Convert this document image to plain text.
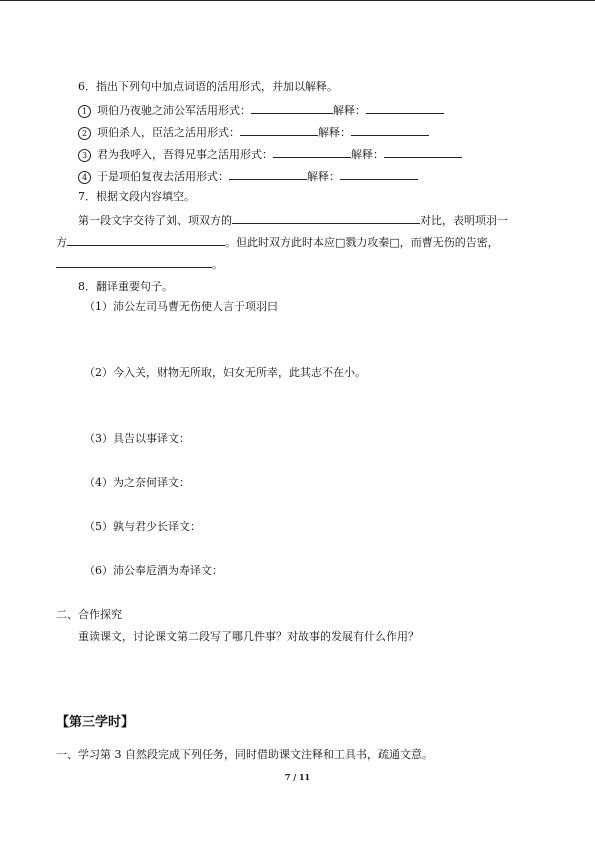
6．指出下列句中加点词语的活用形式，并加以解释。
1 项伯乃夜驰之沛公军活用形式：	解释：
2 项伯杀人，臣活之活用形式：	解释：
3 君为我呼入，吾得兄事之活用形式：	解释：
4 于是项伯复夜去活用形式：	解释：
7．根据文段内容填空。
第一段文字交待了刘、项双方的	对比，表明项羽一
方	。但此时双方此时本应□戮力攻秦□，而曹无伤的告密，
。
8．翻译重要句子。
（1）沛公左司马曹无伤使人言于项羽曰
（2）今入关，财物无所取，妇女无所幸，此其志不在小。
（3）具告以事译文：
（4）为之奈何译文：
（5）孰与君少长译文：
（6）沛公奉卮酒为寿译文：
二、合作探究
重读课文，讨论课文第二段写了哪几件事？对故事的发展有什么作用？
【第三学时】
一、学习第 3 自然段完成下列任务，同时借助课文注释和工具书，疏通文意。
7 / 11
